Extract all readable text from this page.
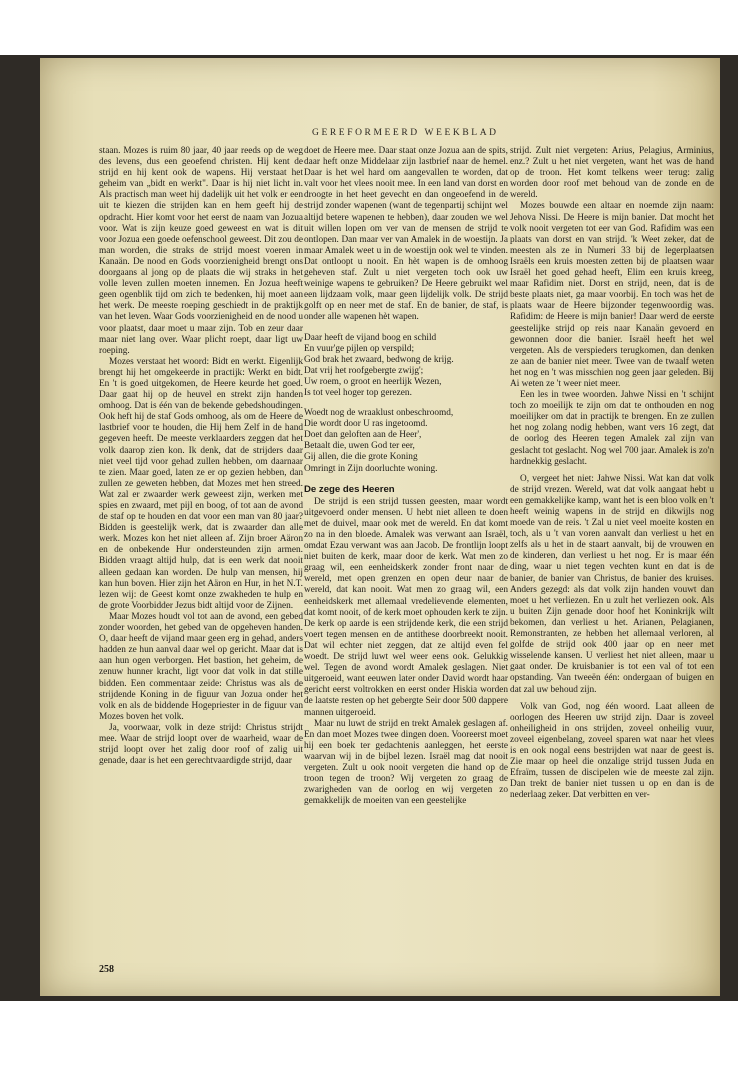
GEREFORMEERD WEEKBLAD

staan. Mozes is ruim 80 jaar, 40 jaar reeds op de weg des levens, dus een geoefend christen. Hij kent de strijd en hij kent ook de wapens. Hij verstaat het geheim van „bidt en werkt". Daar is hij niet licht in. Als practisch man weet hij dadelijk uit het volk er een uit te kiezen die strijden kan en hem geeft hij de opdracht. Hier komt voor het eerst de naam van Jozua voor. Wat is zijn keuze goed geweest en wat is dit voor Jozua een goede oefenschool geweest. Dit zou de man worden, die straks de strijd moest voeren in Kanaän. De nood en Gods voorzienigheid brengt ons doorgaans al jong op de plaats die wij straks in het volle leven zullen moeten innemen. En Jozua heeft geen ogenblik tijd om zich te bedenken, hij moet aan het werk. De meeste roeping geschiedt in de praktijk van het leven. Waar Gods voorzienigheid en de nood u voor plaatst, daar moet u maar zijn. Tob en zeur daar maar niet lang over. Waar plicht roept, daar ligt uw roeping.

Mozes verstaat het woord: Bidt en werkt. Eigenlijk brengt hij het omgekeerde in practijk: Werkt en bidt. En 't is goed uitgekomen, de Heere keurde het goed. Daar gaat hij op de heuvel en strekt zijn handen omhoog. Dat is één van de bekende gebedshoudingen. Ook heft hij de staf Gods omhoog, als om de Heere de lastbrief voor te houden, die Hij hem Zelf in de hand gegeven heeft. De meeste verklaarders zeggen dat het volk daarop zien kon. Ik denk, dat de strijders daar niet veel tijd voor gehad zullen hebben, om daarnaar te zien. Maar goed, laten ze er op gezien hebben, dan zullen ze geweten hebben, dat Mozes met hen streed. Wat zal er zwaarder werk geweest zijn, werken met spies en zwaard, met pijl en boog, of tot aan de avond de staf op te houden en dat voor een man van 80 jaar? Bidden is geestelijk werk, dat is zwaarder dan alle werk. Mozes kon het niet alleen af. Zijn broer Aäron en de onbekende Hur ondersteunden zijn armen. Bidden vraagt altijd hulp, dat is een werk dat nooit alleen gedaan kan worden. De hulp van mensen, hij kan hun boven. Hier zijn het Aäron en Hur, in het N.T. lezen wij: de Geest komt onze zwakheden te hulp en de grote Voorbidder Jezus bidt altijd voor de Zijnen.

Maar Mozes houdt vol tot aan de avond, een gebed zonder woorden, het gebed van de opgeheven handen. O, daar heeft de vijand maar geen erg in gehad, anders hadden ze hun aanval daar wel op gericht. Maar dat is aan hun ogen verborgen. Het bastion, het geheim, de zenuw hunner kracht, ligt voor dat volk in dat stille bidden. Een commentaar zeide: Christus was als de strijdende Koning in de figuur van Jozua onder het volk en als de biddende Hogepriester in de figuur van Mozes boven het volk.

Ja, voorwaar, volk in deze strijd: Christus strijdt mee. Waar de strijd loopt over de waarheid, waar de strijd loopt over het zalig door roof of zalig uit genade, daar is het een gerechtvaardigde strijd, daar

doet de Heere mee. Daar staat onze Jozua aan de spits, daar heft onze Middelaar zijn lastbrief naar de hemel. Daar is het wel hard om aangevallen te worden, dat valt voor het vlees nooit mee. In een land van dorst en droogte in het heet gevecht en dan ongeoefend in de strijd zonder wapenen (want de tegenpartij schijnt wel altijd betere wapenen te hebben), daar zouden we wel uit willen lopen om ver van de mensen de strijd te ontlopen. Dan maar ver van Amalek in de woestijn. Ja maar Amalek weet u in de woestijn ook wel te vinden. Dat ontloopt u nooit. En hèt wapen is de omhoog geheven staf. Zult u niet vergeten toch ook uw weinige wapens te gebruiken? De Heere gebruikt wel een lijdzaam volk, maar geen lijdelijk volk. De strijd golft op en neer met de staf. En de banier, de staf, is onder alle wapenen hèt wapen.

Daar heeft de vijand boog en schild
En vuur'ge pijlen op verspild;
God brak het zwaard, bedwong de krijg.
Dat vrij het roofgebergte zwijg';
Uw roem, o groot en heerlijk Wezen,
Is tot veel hoger top gerezen.
Woedt nog de wraaklust onbeschroomd,
Die wordt door U ras ingetoomd.
Doet dan geloften aan de Heer',
Betaalt die, uwen God ter eer,
Gij allen, die die grote Koning
Omringt in Zijn doorluchte woning.
De zege des Heeren

De strijd is een strijd tussen geesten, maar wordt uitgevoerd onder mensen. U hebt niet alleen te doen met de duivel, maar ook met de wereld. En dat komt zo na in den bloede. Amalek was verwant aan Israël, omdat Ezau verwant was aan Jacob. De frontlijn loopt niet buiten de kerk, maar door de kerk. Wat men zo graag wil, een eenheidskerk zonder front naar de wereld, met open grenzen en open deur naar de wereld, dat kan nooit. Wat men zo graag wil, een eenheidskerk met allemaal vredelievende elementen, dat komt nooit, of de kerk moet ophouden kerk te zijn. De kerk op aarde is een strijdende kerk, die een strijd voert tegen mensen en de antithese doorbreekt nooit. Dat wil echter niet zeggen, dat ze altijd even fel woedt. De strijd luwt wel weer eens ook. Gelukkig wel. Tegen de avond wordt Amalek geslagen. Niet uitgeroeid, want eeuwen later onder David wordt haar gericht eerst voltrokken en eerst onder Hiskia worden de laatste resten op het gebergte Seir door 500 dappere mannen uitgeroeid.

Maar nu luwt de strijd en trekt Amalek geslagen af. En dan moet Mozes twee dingen doen. Vooreerst moet hij een boek ter gedachtenis aanleggen, het eerste waarvan wij in de bijbel lezen. Israël mag dat nooit vergeten. Zult u ook nooit vergeten die hand op de troon tegen de troon? Wij vergeten zo graag de zwarigheden van de oorlog en wij vergeten zo gemakkelijk de moeiten van een geestelijke

strijd. Zult niet vergeten: Arius, Pelagius, Arminius, enz.? Zult u het niet vergeten, want het was de hand op de troon. Het komt telkens weer terug: zalig worden door roof met behoud van de zonde en de wereld.

Mozes bouwde een altaar en noemde zijn naam: Jehova Nissi. De Heere is mijn banier. Dat mocht het volk nooit vergeten tot eer van God. Rafidim was een plaats van dorst en van strijd. 'k Weet zeker, dat de meesten als ze in Numeri 33 bij de legerplaatsen Israëls een kruis moesten zetten bij de plaatsen waar Israël het goed gehad heeft, Elim een kruis kreeg, maar Rafidim niet. Dorst en strijd, neen, dat is de beste plaats niet, ga maar voorbij. En toch was het de plaats waar de Heere bijzonder tegenwoordig was. Rafidim: de Heere is mijn banier! Daar werd de eerste geestelijke strijd op reis naar Kanaän gevoerd en gewonnen door die banier. Israël heeft het wel vergeten. Als de verspieders terugkomen, dan denken ze aan de banier niet meer. Twee van de twaalf weten het nog en 't was misschien nog geen jaar geleden. Bij Ai weten ze 't weer niet meer.

Een les in twee woorden. Jahwe Nissi en 't schijnt toch zo moeilijk te zijn om dat te onthouden en nog moeilijker om dat in practijk te brengen. En ze zullen het nog zolang nodig hebben, want vers 16 zegt, dat de oorlog des Heeren tegen Amalek zal zijn van geslacht tot geslacht. Nog wel 700 jaar. Amalek is zo'n hardnekkig geslacht.

O, vergeet het niet: Jahwe Nissi. Wat kan dat volk de strijd vrezen. Wereld, wat dat volk aangaat hebt u een gemakkelijke kamp, want het is een bloo volk en 't heeft weinig wapens in de strijd en dikwijls nog moede van de reis. 't Zal u niet veel moeite kosten en toch, als u 't van voren aanvalt dan verliest u het en zelfs als u het in de staart aanvalt, bij de vrouwen en de kinderen, dan verliest u het nog. Er is maar één ding, waar u niet tegen vechten kunt en dat is de banier, de banier van Christus, de banier des kruises. Anders gezegd: als dat volk zijn handen vouwt dan moet u het verliezen. En u zult het verliezen ook. Als u buiten Zijn genade door hoof het Koninkrijk wilt bekomen, dan verliest u het. Arianen, Pelagianen, Remonstranten, ze hebben het allemaal verloren, al golfde de strijd ook 400 jaar op en neer met wisselende kansen. U verliest het niet alleen, maar u gaat onder. De kruisbanier is tot een val of tot een opstanding. Van tweeën één: ondergaan of buigen en dat zal uw behoud zijn.

Volk van God, nog één woord. Laat alleen de oorlogen des Heeren uw strijd zijn. Daar is zoveel onheiligheid in ons strijden, zoveel onheilig vuur, zoveel eigenbelang, zoveel sparen wat naar het vlees is en ook nogal eens bestrijden wat naar de geest is. Zie maar op heel die onzalige strijd tussen Juda en Efraïm, tussen de discipelen wie de meeste zal zijn. Dan trekt de banier niet tussen u op en dan is de nederlaag zeker. Dat verbitten en ver-

258
